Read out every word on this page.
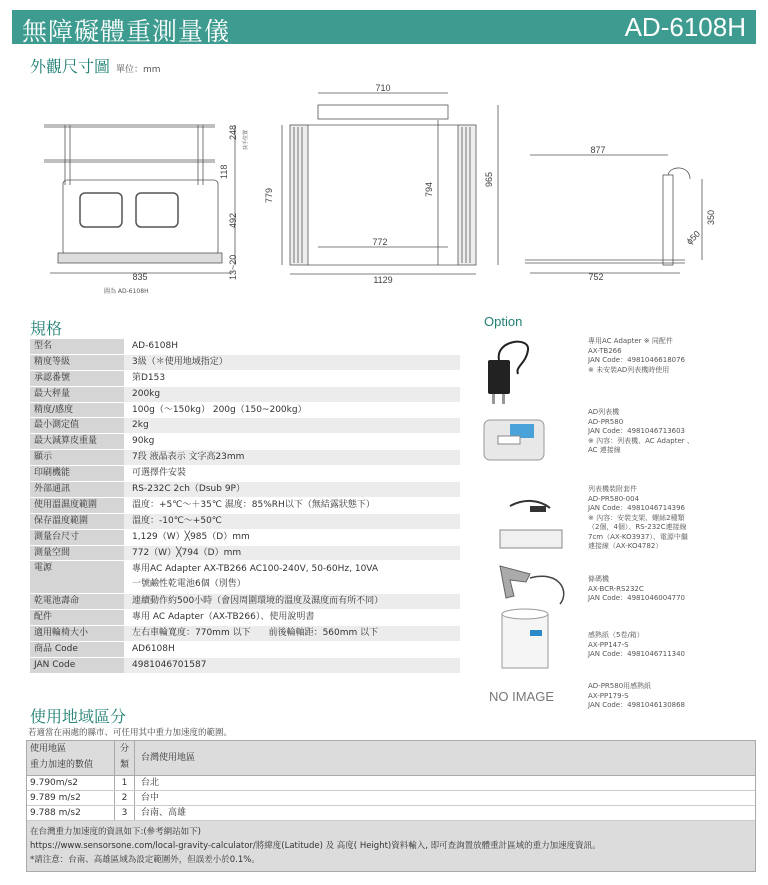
無障礙體重測量儀	AD-6108H
外觀尺寸圖 單位：mm
835
248 扶手位置
118
492
13~20
710
779	794
772
1129
965
877
350
ϕ50
752
圖為 AD-6108H
規格
型名	AD-6108H
精度等級	3級（＊使用地域指定）
承認番號	第D153
最大秤量	200kg
精度/感度	100g（～150kg） 200g（150~200kg）
最小測定值	2kg
最大減算皮重量	90kg
顯示	7段 液晶表示 文字高23mm
印刷機能	可選擇件安裝
外部通訊	RS-232C 2ch（Dsub 9P）
使用溫濕度範圍	溫度：+5℃～＋35℃ 濕度：85%RH以下（無結露狀態下）
保存溫度範圍	溫度：-10℃～+50℃
測量台尺寸	1,129（W）╳985（D）mm
測量空間	772（W）╳794（D）mm
電源	專用AC Adapter AX-TB266 AC100-240V, 50-60Hz, 10VA
一號鹼性乾電池6個（別售）
乾電池壽命	連續動作約500小時（會因周圍環境的溫度及濕度而有所不同）
配件	專用 AC Adapter（AX-TB266）、使用說明書
適用輪椅大小	左右車輪寬度：770mm 以下　　前後輪軸距：560mm 以下
商品 Code	AD6108H
JAN Code	4981046701587
Option
專用AC Adapter ※ 同配件
AX-TB266
JAN Code：4981046618076
※ 未安裝AD列表機時使用
AD列表機
AD-PR580
JAN Code：4981046713603
※ 內容：列表機、AC Adapter 、
AC 連接線
列表機裝附套件
AD-PR580-004
JAN Code：4981046714396
※ 內容：安裝支架、螺絲2種類
（2個，4個）、RS-232C連接線
7cm（AX-KO3937）、電源中繼
連接線（AX-KO4782）
條碼機
AX-BCR-RS232C
JAN Code：4981046004770
感熱紙（5卷/箱）
AX-PP147-S
JAN Code：4981046711340
AD-PR580用感熱紙
AX-PP179-S
JAN Code：4981046130868
NO IMAGE
使用地域區分
若適當在兩處的縣市、可任用其中重力加速度的範圍。
使用地區
重力加速的數值
分
類
台灣使用地區
9.790m/s2	1	台北
9.789 m/s2	2	台中
9.788 m/s2	3	台南、高雄
在台灣重力加速度的資訊如下:(參考網站如下)
https://www.sensorsone.com/local-gravity-calculator/將緯度(Latitude) 及 高度( Height)資料輸入, 即可查詢置放體重計區域的重力加速度資訊。
*請注意：台南、高雄區域為設定範圍外，但誤差小於0.1%。
